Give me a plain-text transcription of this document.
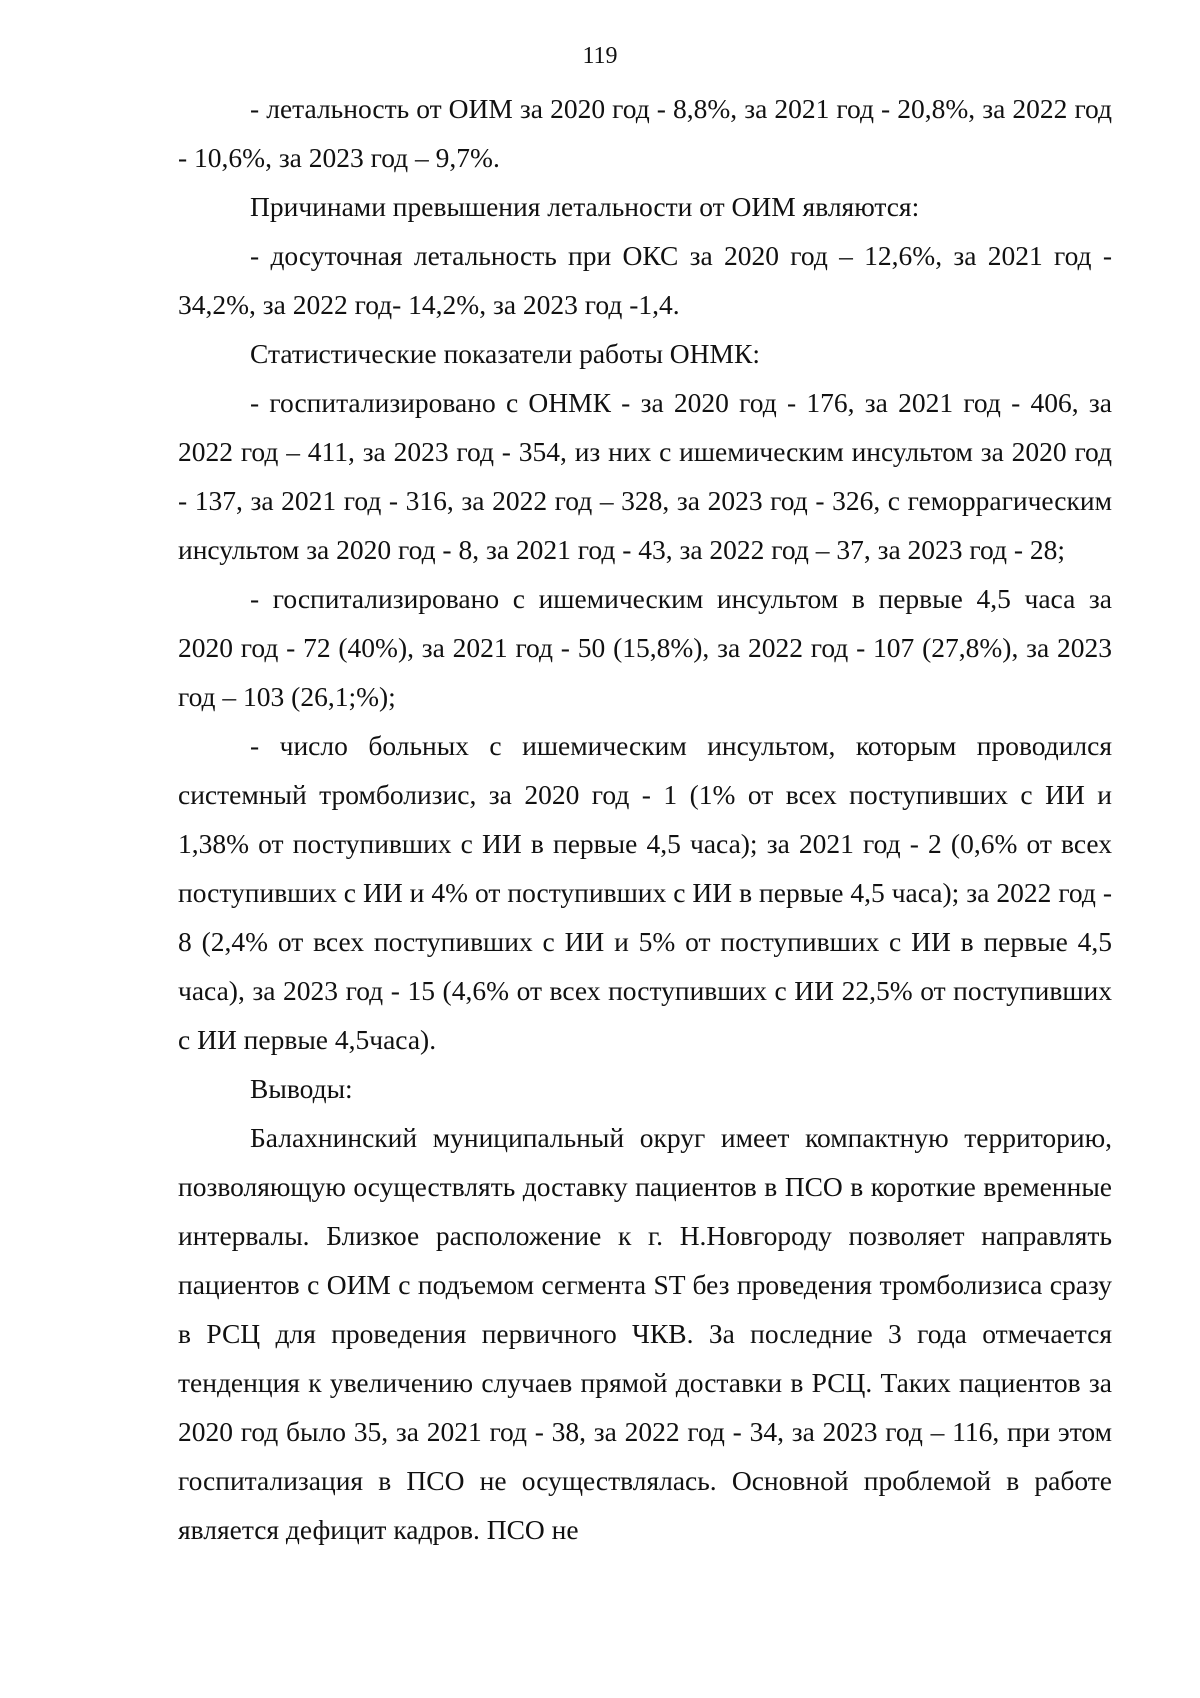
119

- летальность от ОИМ за 2020 год - 8,8%, за 2021 год - 20,8%, за 2022 год - 10,6%, за 2023 год – 9,7%.

Причинами превышения летальности от ОИМ являются:

- досуточная летальность при ОКС за 2020 год – 12,6%, за 2021 год - 34,2%, за 2022 год- 14,2%, за 2023 год -1,4.

Статистические показатели работы ОНМК:

- госпитализировано с ОНМК - за 2020 год - 176, за 2021 год - 406, за 2022 год – 411, за 2023 год - 354, из них с ишемическим инсультом за 2020 год - 137, за 2021 год - 316, за 2022 год – 328, за 2023 год - 326, с геморрагическим инсультом за 2020 год - 8, за 2021 год - 43, за 2022 год – 37, за 2023 год - 28;

- госпитализировано с ишемическим инсультом в первые 4,5 часа за 2020 год - 72 (40%), за 2021 год - 50 (15,8%), за 2022 год - 107 (27,8%), за 2023 год – 103 (26,1;%);

- число больных с ишемическим инсультом, которым проводился системный тромболизис, за 2020 год - 1 (1% от всех поступивших с ИИ и 1,38% от поступивших с ИИ в первые 4,5 часа); за 2021 год - 2 (0,6% от всех поступивших с ИИ и 4% от поступивших с ИИ в первые 4,5 часа); за 2022 год - 8 (2,4% от всех поступивших с ИИ и 5% от поступивших с ИИ в первые 4,5 часа), за 2023 год - 15 (4,6% от всех поступивших с ИИ 22,5% от поступивших с ИИ первые 4,5часа).

Выводы:

Балахнинский муниципальный округ имеет компактную территорию, позволяющую осуществлять доставку пациентов в ПСО в короткие временные интервалы. Близкое расположение к г. Н.Новгороду позволяет направлять пациентов с ОИМ с подъемом сегмента ST без проведения тромболизиса сразу в РСЦ для проведения первичного ЧКВ. За последние 3 года отмечается тенденция к увеличению случаев прямой доставки в РСЦ. Таких пациентов за 2020 год было 35, за 2021 год - 38, за 2022 год - 34, за 2023 год – 116, при этом госпитализация в ПСО не осуществлялась. Основной проблемой в работе является дефицит кадров. ПСО не
